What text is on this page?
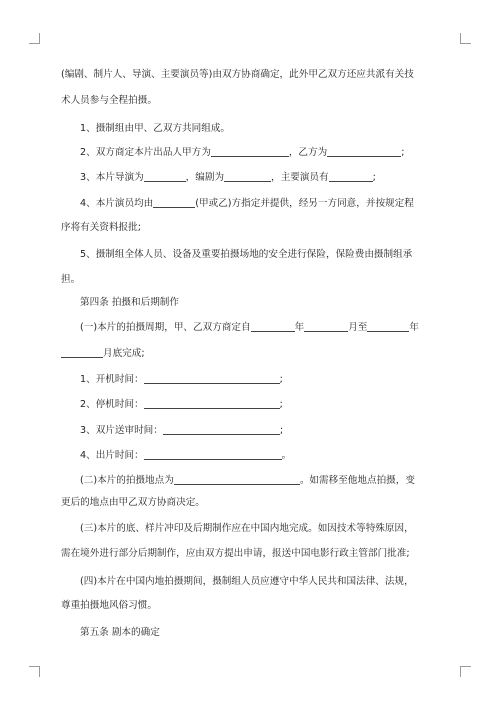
(编剧、制片人、导演、主要演员等)由双方协商确定，此外甲乙双方还应共派有关技
术人员参与全程拍摄。
1、摄制组由甲、乙双方共同组成。
2、双方商定本片出品人甲方为	，乙方为	;
3、本片导演为	，编剧为	，主要演员有	;
4、本片演员均由	(甲或乙)方指定并提供，经另一方同意，并按规定程
序将有关资料报批;
5、摄制组全体人员、设备及重要拍摄场地的安全进行保险，保险费由摄制组承
担。
第四条 拍摄和后期制作
(一)本片的拍摄周期，甲、乙双方商定自	年	月至	年
月底完成;
1、开机时间：	;
2、停机时间：	;
3、双片送审时间：	;
4、出片时间：	。
(二)本片的拍摄地点为	。如需移至他地点拍摄，变
更后的地点由甲乙双方协商决定。
(三)本片的底、样片冲印及后期制作应在中国内地完成。如因技术等特殊原因，
需在境外进行部分后期制作，应由双方提出申请，报送中国电影行政主管部门批准;
(四)本片在中国内地拍摄期间，摄制组人员应遵守中华人民共和国法律、法规，
尊重拍摄地风俗习惯。
第五条 剧本的确定
